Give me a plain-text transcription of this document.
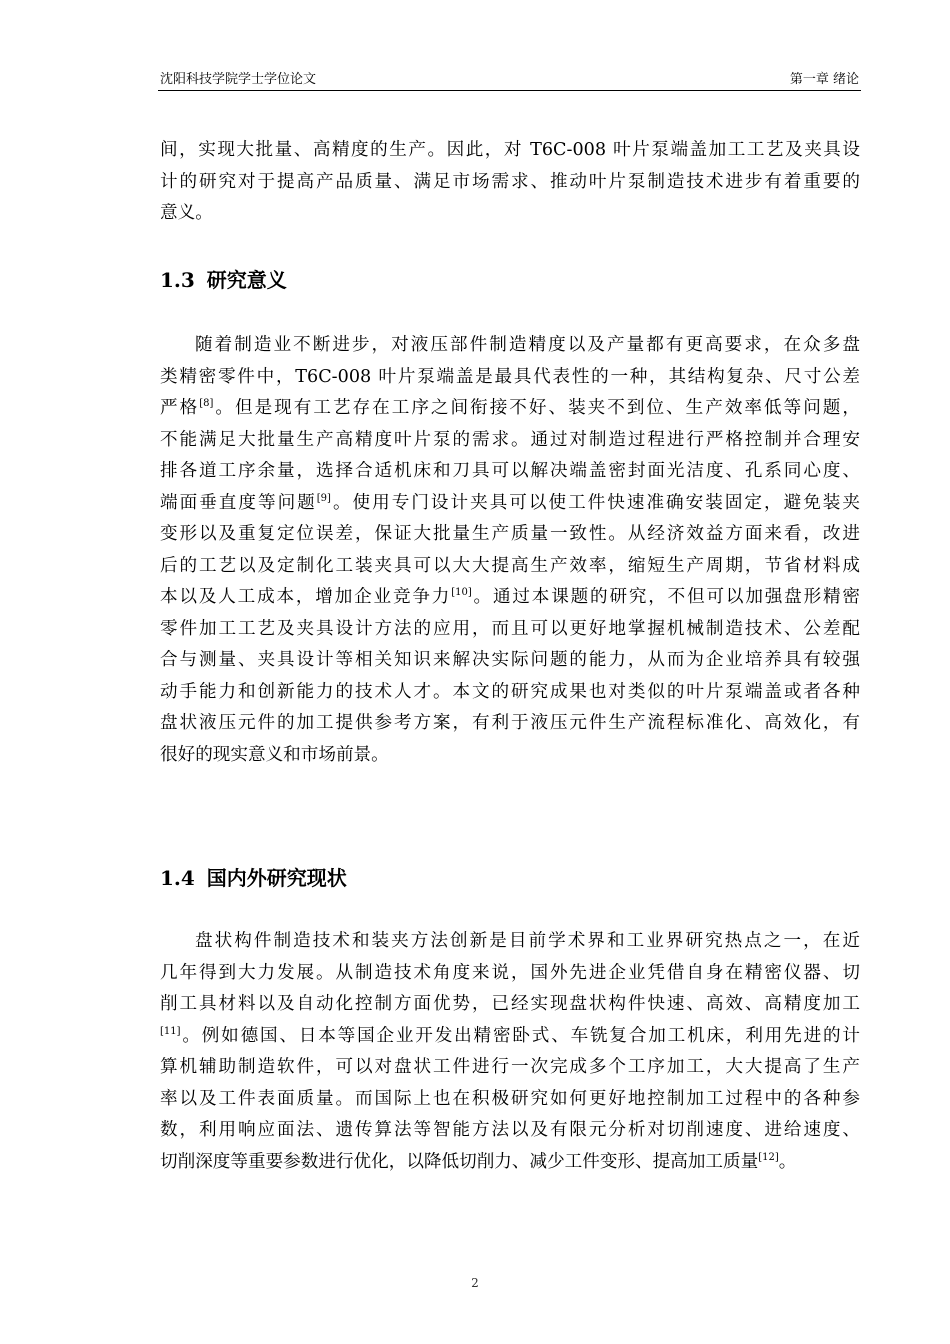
沈阳科技学院学士学位论文	第一章 绪论
间，实现大批量、高精度的生产。因此，对 T6C-008 叶片泵端盖加工工艺及夹具设
计的研究对于提高产品质量、满足市场需求、推动叶片泵制造技术进步有着重要的
意义。
1.3 研究意义
随着制造业不断进步，对液压部件制造精度以及产量都有更高要求，在众多盘
类精密零件中，T6C-008 叶片泵端盖是最具代表性的一种，其结构复杂、尺寸公差
严格[8]。但是现有工艺存在工序之间衔接不好、装夹不到位、生产效率低等问题，
不能满足大批量生产高精度叶片泵的需求。通过对制造过程进行严格控制并合理安
排各道工序余量，选择合适机床和刀具可以解决端盖密封面光洁度、孔系同心度、
端面垂直度等问题[9]。使用专门设计夹具可以使工件快速准确安装固定，避免装夹
变形以及重复定位误差，保证大批量生产质量一致性。从经济效益方面来看，改进
后的工艺以及定制化工装夹具可以大大提高生产效率，缩短生产周期，节省材料成
本以及人工成本，增加企业竞争力[10]。通过本课题的研究，不但可以加强盘形精密
零件加工工艺及夹具设计方法的应用，而且可以更好地掌握机械制造技术、公差配
合与测量、夹具设计等相关知识来解决实际问题的能力，从而为企业培养具有较强
动手能力和创新能力的技术人才。本文的研究成果也对类似的叶片泵端盖或者各种
盘状液压元件的加工提供参考方案，有利于液压元件生产流程标准化、高效化，有
很好的现实意义和市场前景。
1.4 国内外研究现状
盘状构件制造技术和装夹方法创新是目前学术界和工业界研究热点之一，在近
几年得到大力发展。从制造技术角度来说，国外先进企业凭借自身在精密仪器、切
削工具材料以及自动化控制方面优势，已经实现盘状构件快速、高效、高精度加工
[11]。例如德国、日本等国企业开发出精密卧式、车铣复合加工机床，利用先进的计
算机辅助制造软件，可以对盘状工件进行一次完成多个工序加工，大大提高了生产
率以及工件表面质量。而国际上也在积极研究如何更好地控制加工过程中的各种参
数，利用响应面法、遗传算法等智能方法以及有限元分析对切削速度、进给速度、
切削深度等重要参数进行优化，以降低切削力、减少工件变形、提高加工质量[12]。
2
